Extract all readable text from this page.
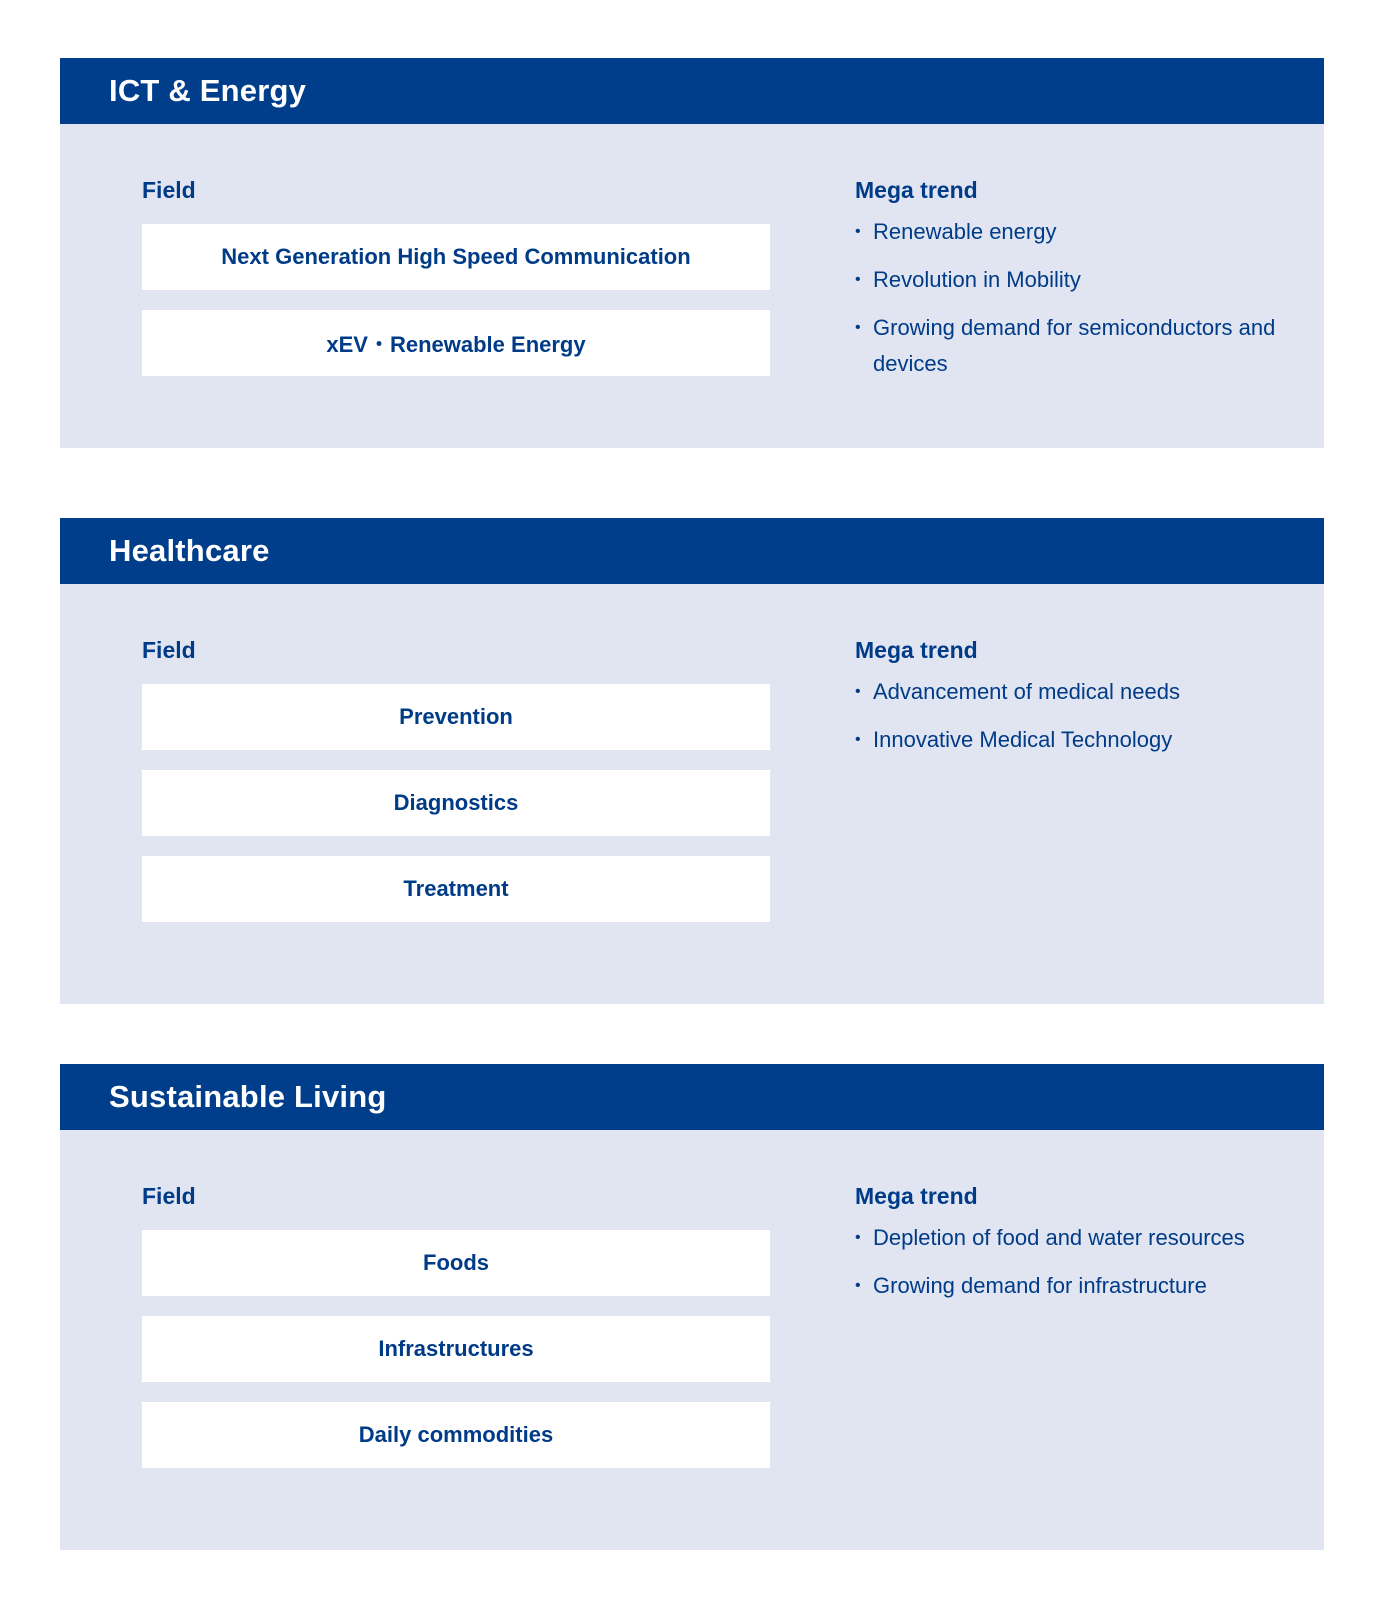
ICT & Energy
Field
Next Generation High Speed Communication
xEV・Renewable Energy
Mega trend
• Renewable energy
• Revolution in Mobility
• Growing demand for semiconductors and devices
Healthcare
Field
Prevention
Diagnostics
Treatment
Mega trend
• Advancement of medical needs
• Innovative Medical Technology
Sustainable Living
Field
Foods
Infrastructures
Daily commodities
Mega trend
• Depletion of food and water resources
• Growing demand for infrastructure
